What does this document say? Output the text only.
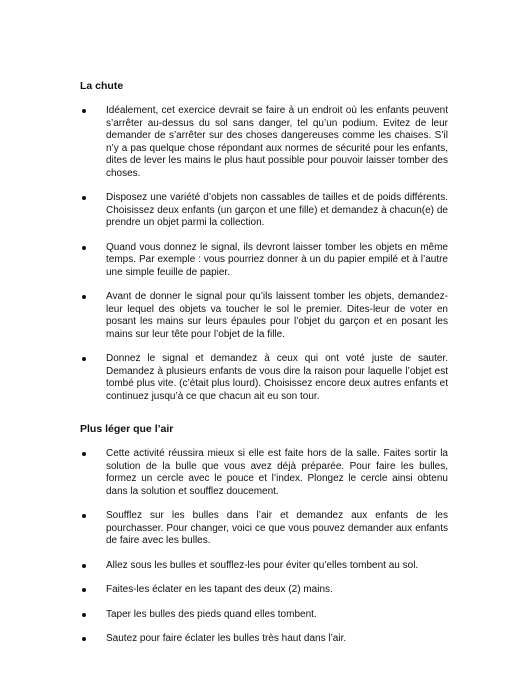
La chute
Idéalement, cet exercice devrait se faire à un endroit où les enfants peuvent s’arrêter au-dessus du sol sans danger, tel qu’un podium. Evitez de leur demander de s’arrêter sur des choses dangereuses comme les chaises. S’il n’y a pas quelque chose répondant aux normes de sécurité pour les enfants, dites de lever les mains le plus haut possible pour pouvoir laisser tomber des choses.
Disposez une variété d’objets non cassables de tailles et de poids différents. Choisissez deux enfants (un garçon et une fille) et demandez à chacun(e) de prendre un objet parmi la collection.
Quand vous donnez le signal, ils devront laisser tomber les objets en même temps. Par exemple : vous pourriez donner à un du papier empilé et à l’autre une simple feuille de papier.
Avant de donner le signal pour qu’ils laissent tomber les objets, demandez-leur lequel des objets va toucher le sol le premier. Dites-leur de voter en posant les mains sur leurs épaules pour l’objet du garçon et en posant les mains sur leur tête pour l’objet de la fille.
Donnez le signal et demandez à ceux qui ont voté juste de sauter. Demandez à plusieurs enfants de vous dire la raison pour laquelle l’objet est tombé plus vite. (c’était plus lourd). Choisissez encore deux autres enfants et continuez jusqu’à ce que chacun ait eu son tour.
Plus léger que l’air
Cette activité réussira mieux si elle est faite hors de la salle. Faites sortir la solution de la bulle que vous avez déjà préparée. Pour faire les bulles, formez un cercle avec le pouce et l’index. Plongez le cercle ainsi obtenu dans la solution et soufflez doucement.
Soufflez sur les bulles dans l’air et demandez aux enfants de les pourchasser. Pour changer, voici ce que vous pouvez demander aux enfants de faire avec les bulles.
Allez sous les bulles et soufflez-les pour éviter qu’elles tombent au sol.
Faites-les éclater en les tapant des deux (2) mains.
Taper les bulles des pieds quand elles tombent.
Sautez pour faire éclater les bulles très haut dans l’air.
